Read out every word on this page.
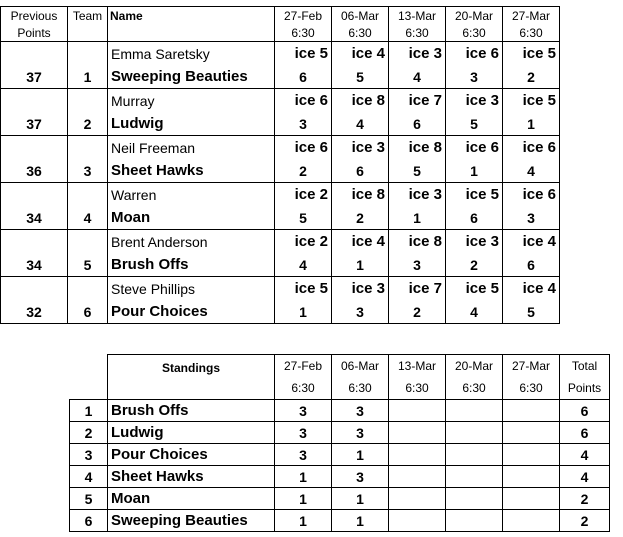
Previous	Team	Name	27-Feb	06-Mar	13-Mar	20-Mar	27-Mar
Points			6:30	6:30	6:30	6:30	6:30
		Emma Saretsky	ice 5	ice 4	ice 3	ice 6	ice 5
37	1	Sweeping Beauties	6	5	4	3	2
		Murray	ice 6	ice 8	ice 7	ice 3	ice 5
37	2	Ludwig	3	4	6	5	1
		Neil Freeman	ice 6	ice 3	ice 8	ice 6	ice 6
36	3	Sheet Hawks	2	6	5	1	4
		Warren	ice 2	ice 8	ice 3	ice 5	ice 6
34	4	Moan	5	2	1	6	3
		Brent Anderson	ice 2	ice 4	ice 8	ice 3	ice 4
34	5	Brush Offs	4	1	3	2	6
		Steve Phillips	ice 5	ice 3	ice 7	ice 5	ice 4
32	6	Pour Choices	1	3	2	4	5
	Standings	27-Feb	06-Mar	13-Mar	20-Mar	27-Mar	Total
		6:30	6:30	6:30	6:30	6:30	Points
1	Brush Offs	3	3				6
2	Ludwig	3	3				6
3	Pour Choices	3	1				4
4	Sheet Hawks	1	3				4
5	Moan	1	1				2
6	Sweeping Beauties	1	1				2
